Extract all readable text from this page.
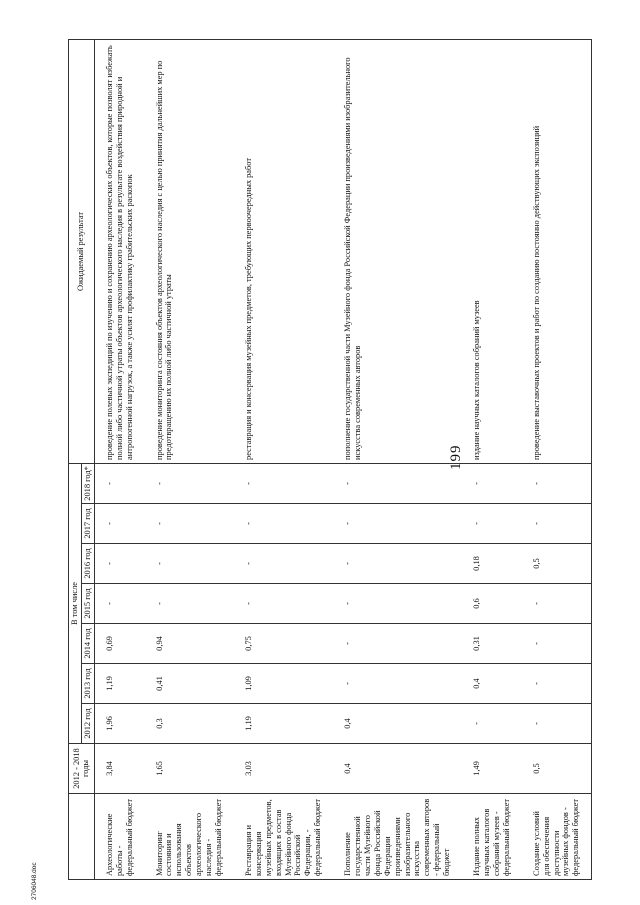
199
	2012 - 2018 годы	В том числе							Ожидаемый результат
		2012 год	2013 год	2014 год	2015 год	2016 год	2017 год	2018 год*	
Археологические работы - федеральный бюджет	3,84	1,96	1,19	0,69	-	-	-	-	проведение полевых экспедиций по изучению и сохранению археологических объектов, которые позволят избежать полной либо частичной утраты объектов археологического наследия в результате воздействия природной и антропогенной нагрузок, а также усилят профилактику грабительских раскопок
Мониторинг состояния и использования объектов археологического наследия - федеральный бюджет	1,65	0,3	0,41	0,94	-	-	-	-	проведение мониторинга состояния объектов археологического наследия с целью принятия дальнейших мер по предотвращению их полной либо частичной утраты
Реставрация и консервация музейных предметов, входящих в состав Музейного фонда Российской Федерации, - федеральный бюджет	3,03	1,19	1,09	0,75	-	-	-	-	реставрация и консервация музейных предметов, требующих первоочередных работ
Пополнение государственной части Музейного фонда Российской Федерации произведениями изобразительного искусства современных авторов - федеральный бюджет	0,4	0,4	-	-	-	-	-	-	пополнение государственной части Музейного фонда Российской Федерации произведениями изобразительного искусства современных авторов
Издание полных научных каталогов собраний музеев - федеральный бюджет	1,49	-	0,4	0,31	0,6	0,18	-	-	издание научных каталогов собраний музеев
Создание условий для обеспечения доступности музейных фондов - федеральный бюджет	0,5	-	-	-	-	0,5	-	-	проведение выставочных проектов и работ по созданию постоянно действующих экспозиций
2706048.doc
